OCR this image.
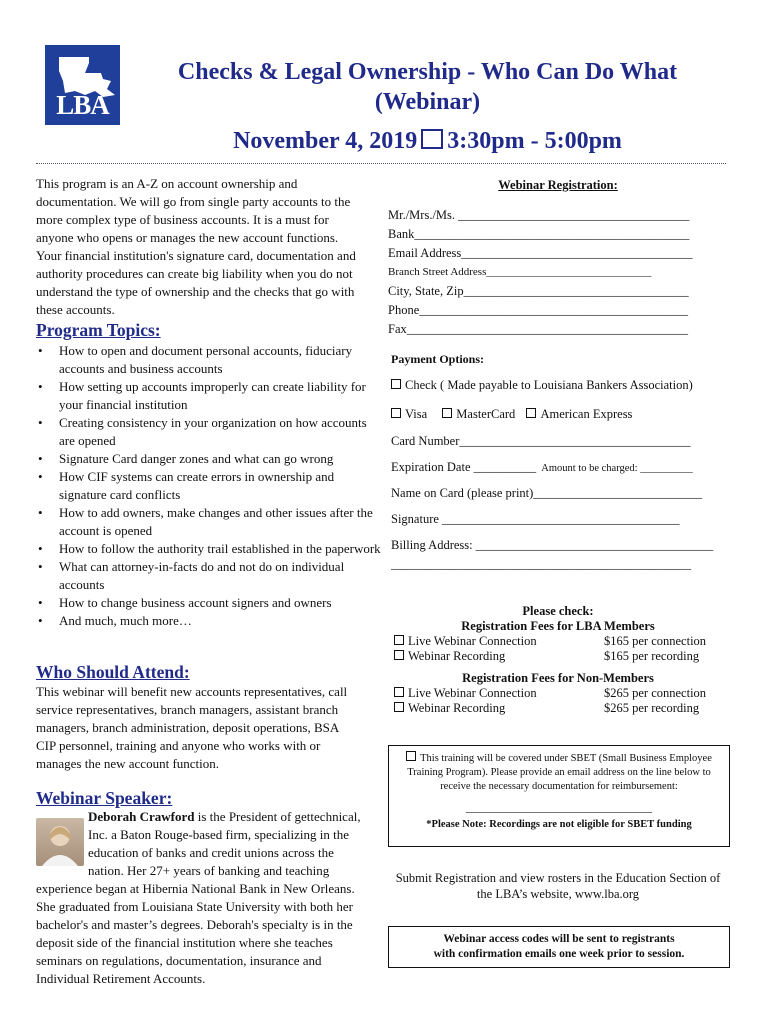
LBA
Checks & Legal Ownership - Who Can Do What
(Webinar)
November 4, 2019 3:30pm - 5:00pm
This program is an A-Z on account ownership and
documentation. We will go from single party accounts to the
more complex type of business accounts. It is a must for
anyone who opens or manages the new account functions.
Your financial institution's signature card, documentation and
authority procedures can create big liability when you do not
understand the type of ownership and the checks that go with
these accounts.
Program Topics:
• How to open and document personal accounts, fiduciary accounts and business accounts
• How setting up accounts improperly can create liability for your financial institution
• Creating consistency in your organization on how accounts are opened
• Signature Card danger zones and what can go wrong
• How CIF systems can create errors in ownership and signature card conflicts
• How to add owners, make changes and other issues after the account is opened
• How to follow the authority trail established in the paperwork
• What can attorney-in-facts do and not do on individual accounts
• How to change business account signers and owners
• And much, much more…
Who Should Attend:
This webinar will benefit new accounts representatives, call
service representatives, branch managers, assistant branch
managers, branch administration, deposit operations, BSA
CIP personnel, training and anyone who works with or
manages the new account function.
Webinar Speaker:
Deborah Crawford is the President of gettechnical,
Inc. a Baton Rouge-based firm, specializing in the
education of banks and credit unions across the
nation. Her 27+ years of banking and teaching
experience began at Hibernia National Bank in New Orleans.
She graduated from Louisiana State University with both her
bachelor's and master’s degrees. Deborah's specialty is in the
deposit side of the financial institution where she teaches
seminars on regulations, documentation, insurance and
Individual Retirement Accounts.
Webinar Registration:
Mr./Mrs./Ms. _____________________________________
Bank____________________________________________
Email Address_____________________________________
Branch Street Address______________________________
City, State, Zip____________________________________
Phone___________________________________________
Fax_____________________________________________
Payment Options:
Check ( Made payable to Louisiana Bankers Association)
Visa MasterCard American Express
Card Number_____________________________________
Expiration Date __________ Amount to be charged: __________
Name on Card (please print)___________________________
Signature ______________________________________
Billing Address: ______________________________________
________________________________________________
Please check:
Registration Fees for LBA Members
Live Webinar Connection	$165 per connection
Webinar Recording	$165 per recording
Registration Fees for Non-Members
Live Webinar Connection	$265 per connection
Webinar Recording	$265 per recording
This training will be covered under SBET (Small Business Employee
Training Program). Please provide an email address on the line below to
receive the necessary documentation for reimbursement:
_______________________________
*Please Note: Recordings are not eligible for SBET funding
Submit Registration and view rosters in the Education Section of
the LBA’s website, www.lba.org
Webinar access codes will be sent to registrants
with confirmation emails one week prior to session.
